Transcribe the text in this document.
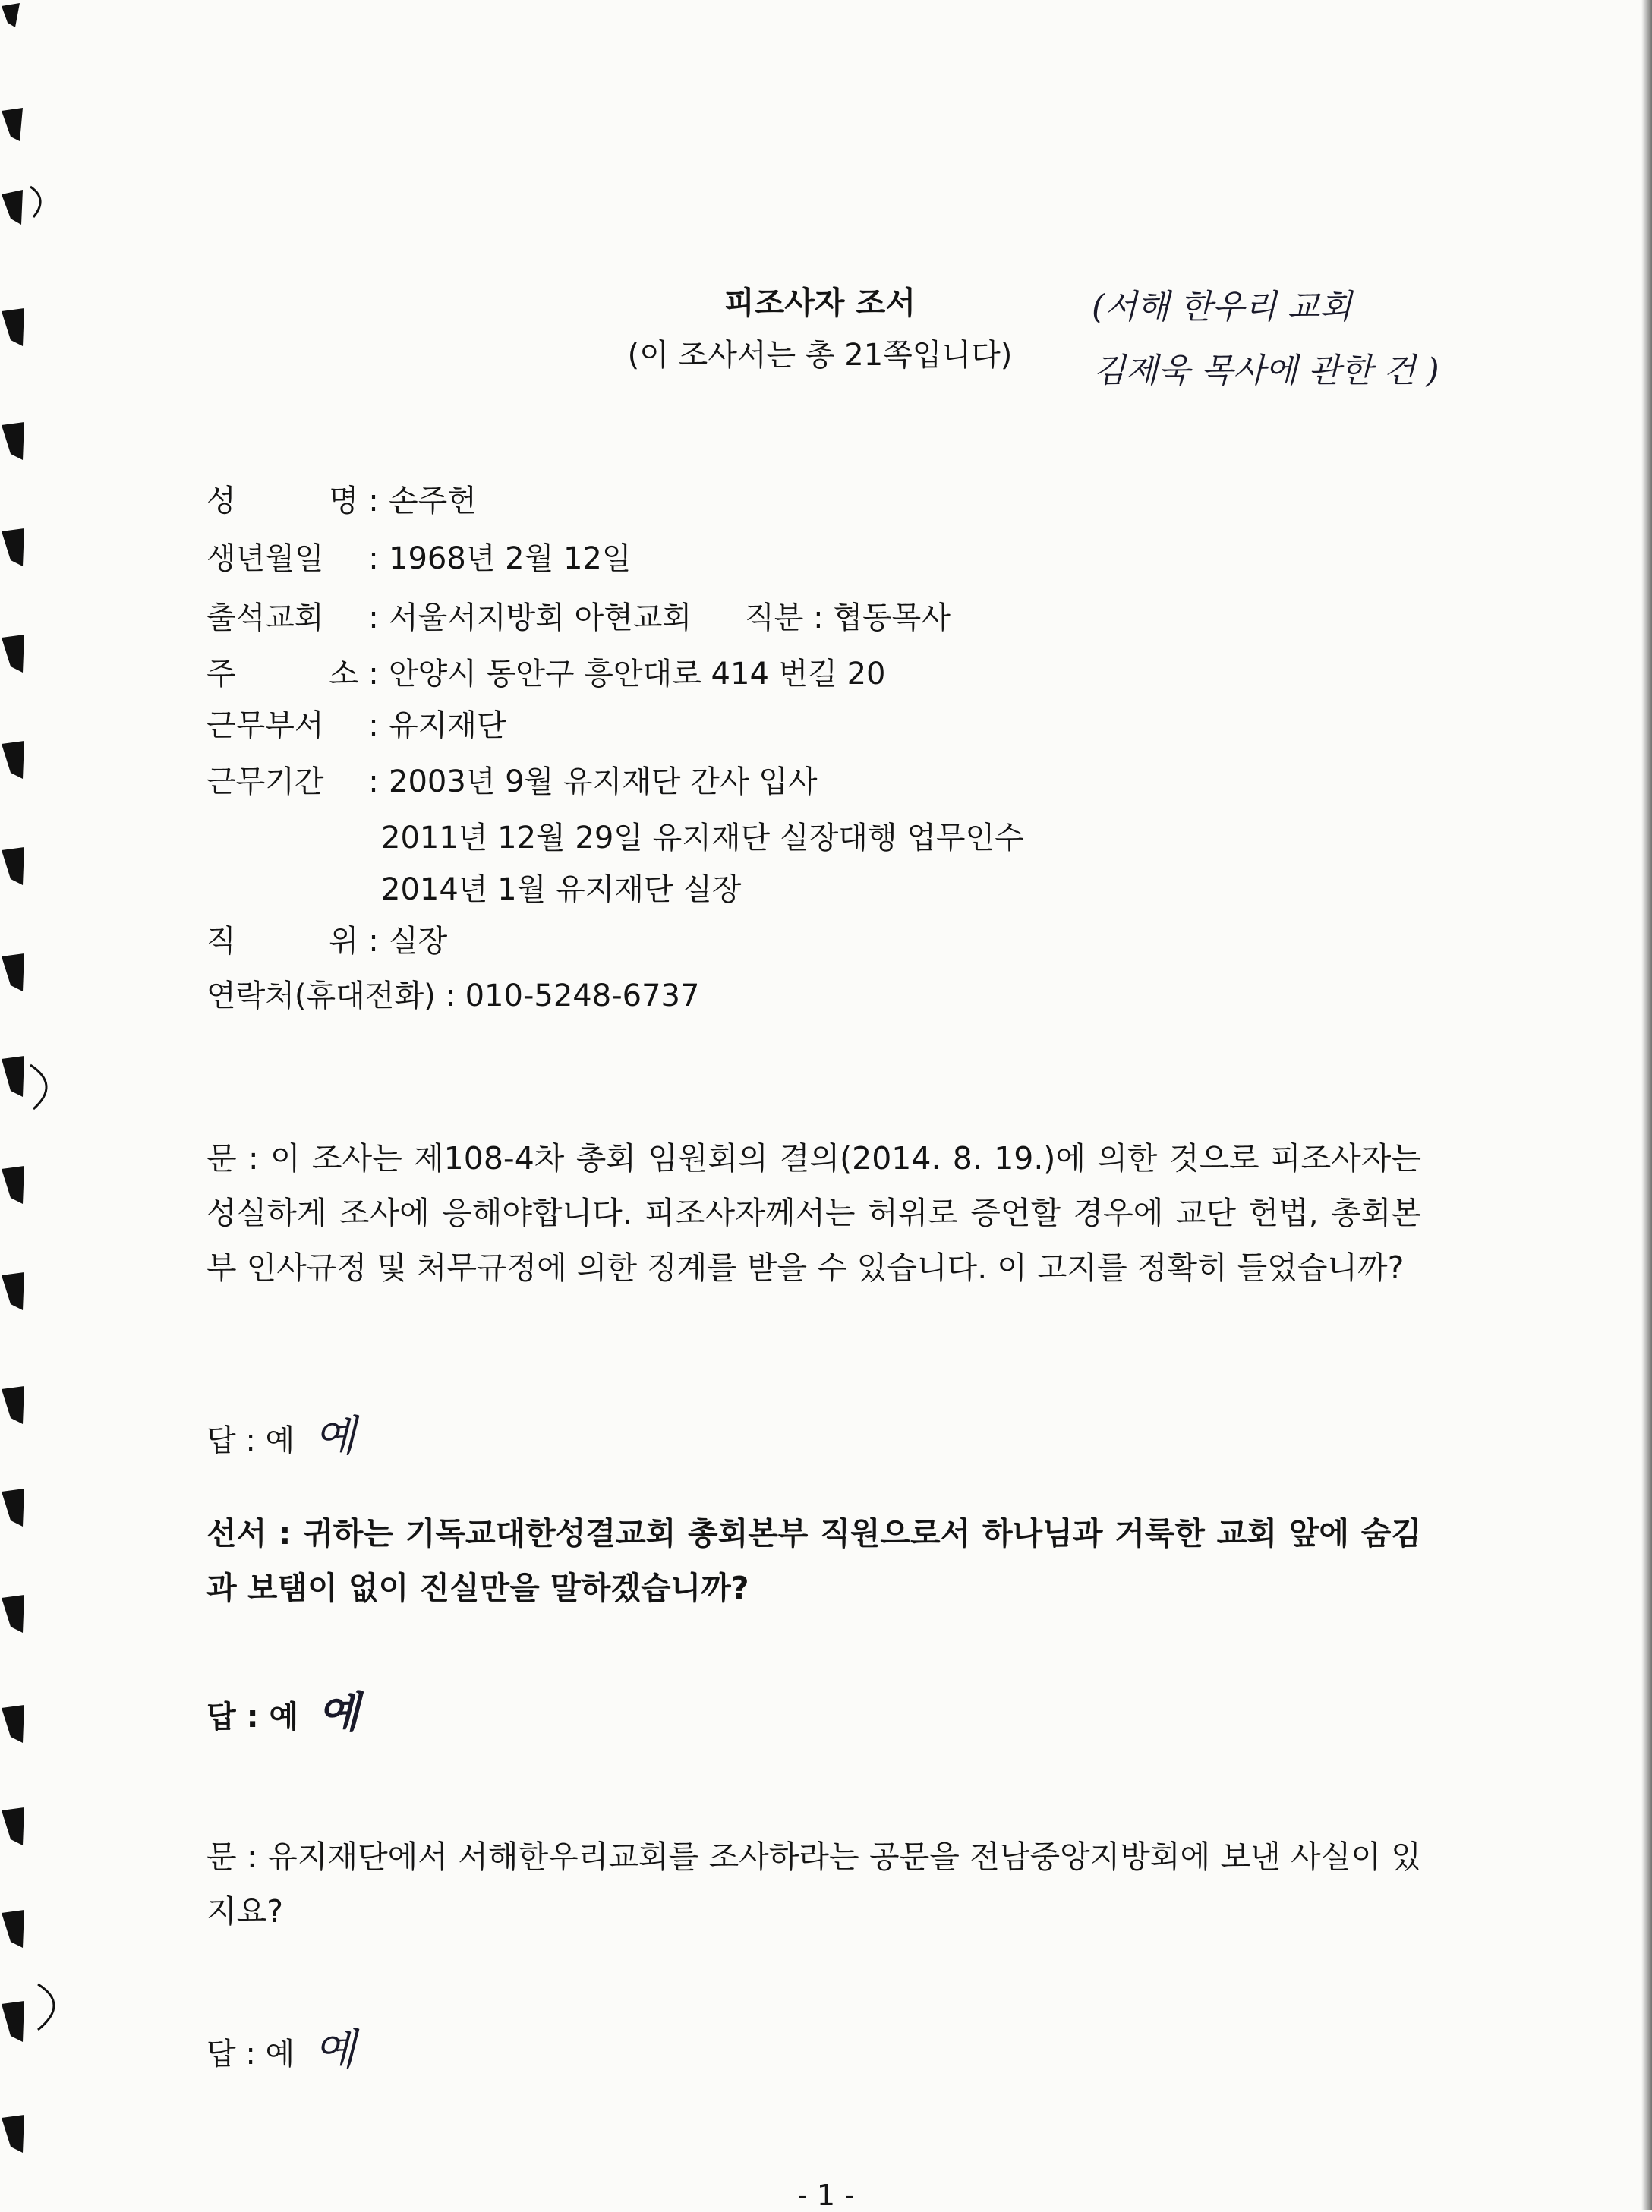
피조사자 조서
(이 조사서는 총 21쪽입니다)
(서해 한우리 교회
김제욱 목사에 관한 건 )
성 명 : 손주헌
생년월일 : 1968년 2월 12일
출석교회 : 서울서지방회 아현교회 직분 : 협동목사
주 소 : 안양시 동안구 흥안대로 414 번길 20
근무부서 : 유지재단
근무기간 : 2003년 9월 유지재단 간사 입사
2011년 12월 29일 유지재단 실장대행 업무인수
2014년 1월 유지재단 실장
직 위 : 실장
연락처(휴대전화) : 010-5248-6737
문 : 이 조사는 제108-4차 총회 임원회의 결의(2014. 8. 19.)에 의한 것으로 피조사자는 성실하게 조사에 응해야합니다. 피조사자께서는 허위로 증언할 경우에 교단 헌법, 총회본부 인사규정 및 처무규정에 의한 징계를 받을 수 있습니다. 이 고지를 정확히 들었습니까?
답 : 예 예
선서 : 귀하는 기독교대한성결교회 총회본부 직원으로서 하나님과 거룩한 교회 앞에 숨김과 보탬이 없이 진실만을 말하겠습니까?
답 : 예 예
문 : 유지재단에서 서해한우리교회를 조사하라는 공문을 전남중앙지방회에 보낸 사실이 있지요?
답 : 예 예
- 1 -
